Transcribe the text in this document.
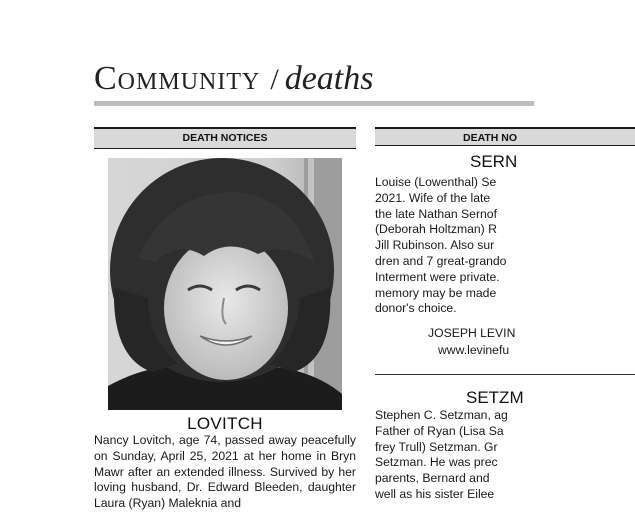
Community / deaths
DEATH NOTICES
LOVITCH

Nancy Lovitch, age 74, passed away peacefully on Sunday, April 25, 2021 at her home in Bryn Mawr after an extended illness. Survived by her loving husband, Dr. Edward Bleeden, daughter Laura (Ryan) Maleknia and

DEATH NO
SERN
Louise (Lowenthal) Se
2021. Wife of the late
the late Nathan Sernof
(Deborah Holtzman) R
Jill Rubinson. Also sur
dren and 7 great-grando
Interment were private.
memory may be made
donor's choice.
JOSEPH LEVIN
www.levinefu
SETZM
Stephen C. Setzman, ag
Father of Ryan (Lisa Sa
frey Trull) Setzman. Gr
Setzman. He was prec
parents, Bernard and
well as his sister Eilee
